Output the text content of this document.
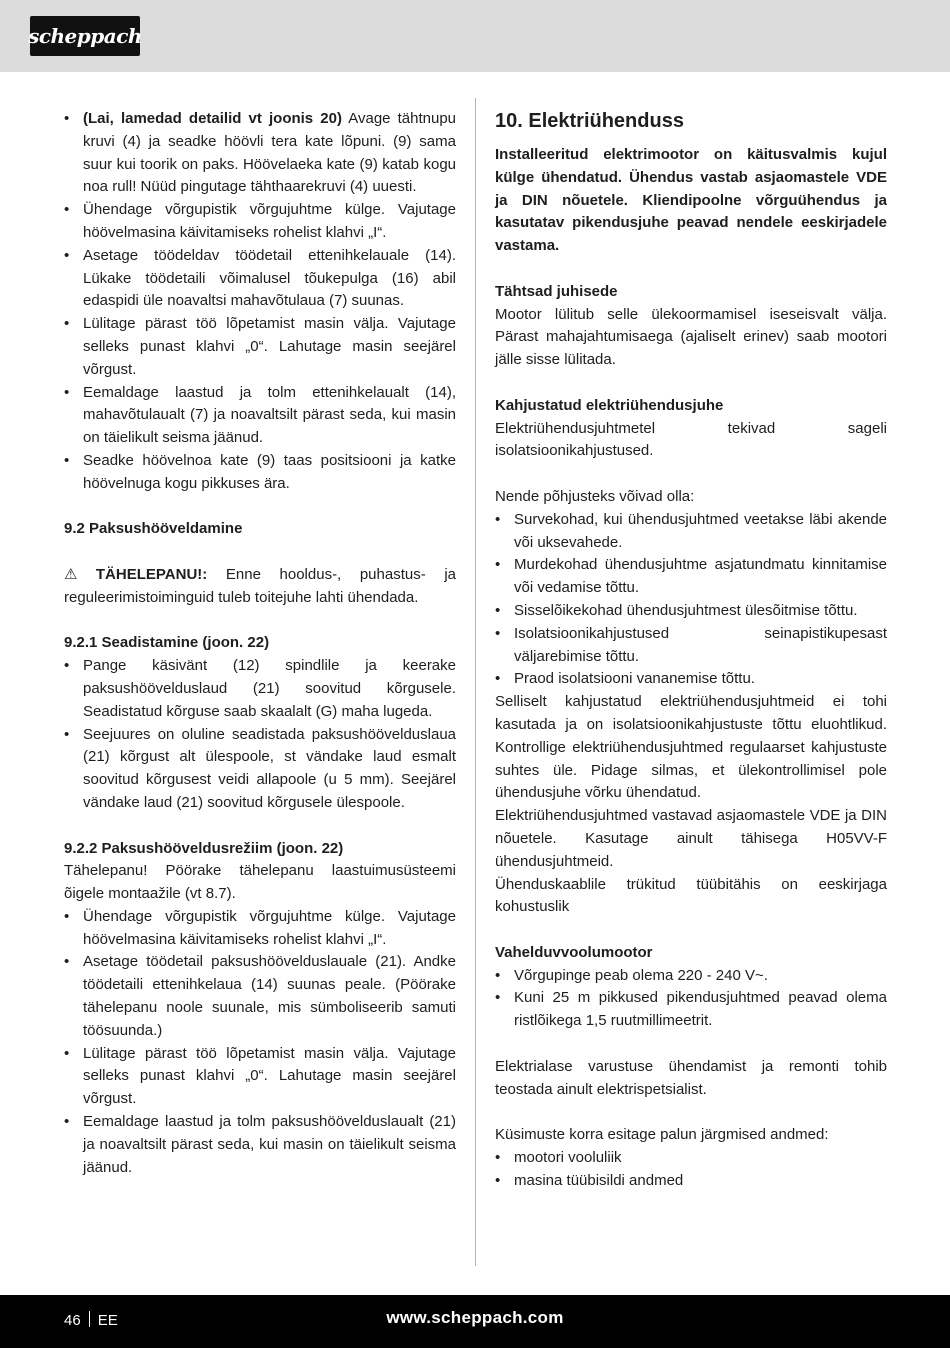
scheppach
• (Lai, lamedad detailid vt joonis 20) Avage tähtnupu kruvi (4) ja seadke höövli tera kate lõpuni. (9) sama suur kui toorik on paks. Höövelaeka kate (9) katab kogu noa rull! Nüüd pingutage tähthaarekruvi (4) uuesti.
• Ühendage võrgupistik võrgujuhtme külge. Vajutage höövelmasina käivitamiseks rohelist klahvi „I“.
• Asetage töödeldav töödetail ettenihkelauale (14). Lükake töödetaili võimalusel tõukepulga (16) abil edaspidi üle noavaltsi mahavõtulaua (7) suunas.
• Lülitage pärast töö lõpetamist masin välja. Vajutage selleks punast klahvi „0“. Lahutage masin seejärel võrgust.
• Eemaldage laastud ja tolm ettenihkelaualt (14), mahavõtulaualt (7) ja noavaltsilt pärast seda, kui masin on täielikult seisma jäänud.
• Seadke höövelnoa kate (9) taas positsiooni ja katke höövelnuga kogu pikkuses ära.

9.2 Paksushööveldamine

⚠ TÄHELEPANU!: Enne hooldus-, puhastus- ja reguleerimistoiminguid tuleb toitejuhe lahti ühendada.

9.2.1 Seadistamine (joon. 22)

• Pange käsivänt (12) spindlile ja keerake paksushöövelduslaud (21) soovitud kõrgusele. Seadistatud kõrguse saab skaalalt (G) maha lugeda.
• Seejuures on oluline seadistada paksushöövelduslaua (21) kõrgust alt ülespoole, st vändake laud esmalt soovitud kõrgusest veidi allapoole (u 5 mm). Seejärel vändake laud (21) soovitud kõrgusele ülespoole.

9.2.2 Paksushööveldusrežiim (joon. 22)

Tähelepanu! Pöörake tähelepanu laastuimusüsteemi õigele montaažile (vt 8.7).

• Ühendage võrgupistik võrgujuhtme külge. Vajutage höövelmasina käivitamiseks rohelist klahvi „I“.
• Asetage töödetail paksushöövelduslauale (21). Andke töödetaili ettenihkelaua (14) suunas peale. (Pöörake tähelepanu noole suunale, mis sümboliseerib samuti töösuunda.)
• Lülitage pärast töö lõpetamist masin välja. Vajutage selleks punast klahvi „0“. Lahutage masin seejärel võrgust.
• Eemaldage laastud ja tolm paksushöövelduslaualt (21) ja noavaltsilt pärast seda, kui masin on täielikult seisma jäänud.

10. Elektriühenduss

Installeeritud elektrimootor on käitusvalmis kujul külge ühendatud. Ühendus vastab asjaomastele VDE ja DIN nõuetele. Kliendipoolne võrguühendus ja kasutatav pikendusjuhe peavad nendele eeskirjadele vastama.

Tähtsad juhisede

Mootor lülitub selle ülekoormamisel iseseisvalt välja. Pärast mahajahtumisaega (ajaliselt erinev) saab mootori jälle sisse lülitada.

Kahjustatud elektriühendusjuhe

Elektriühendusjuhtmetel tekivad sageli isolatsioonikahjustused.

Nende põhjusteks võivad olla:

• Survekohad, kui ühendusjuhtmed veetakse läbi akende või uksevahede.
• Murdekohad ühendusjuhtme asjatundmatu kinnitamise või vedamise tõttu.
• Sisselõikekohad ühendusjuhtmest ülesõitmise tõttu.
• Isolatsioonikahjustused seinapistikupesast väljarebimise tõttu.
• Praod isolatsiooni vananemise tõttu.

Selliselt kahjustatud elektriühendusjuhtmeid ei tohi kasutada ja on isolatsioonikahjustuste tõttu eluohtlikud. Kontrollige elektriühendusjuhtmed regulaarset kahjustuste suhtes üle. Pidage silmas, et ülekontrollimisel pole ühendusjuhe võrku ühendatud.

Elektriühendusjuhtmed vastavad asjaomastele VDE ja DIN nõuetele. Kasutage ainult tähisega H05VV-F ühendusjuhtmeid.

Ühenduskaablile trükitud tüübitähis on eeskirjaga kohustuslik

Vahelduvvoolumootor

• Võrgupinge peab olema 220 - 240 V~.
• Kuni 25 m pikkused pikendusjuhtmed peavad olema ristlõikega 1,5 ruutmillimeetrit.

Elektrialase varustuse ühendamist ja remonti tohib teostada ainult elektrispetsialist.

Küsimuste korra esitage palun järgmised andmed:

• mootori vooluliik
• masina tüübisildi andmed
46 EE	www.scheppach.com
